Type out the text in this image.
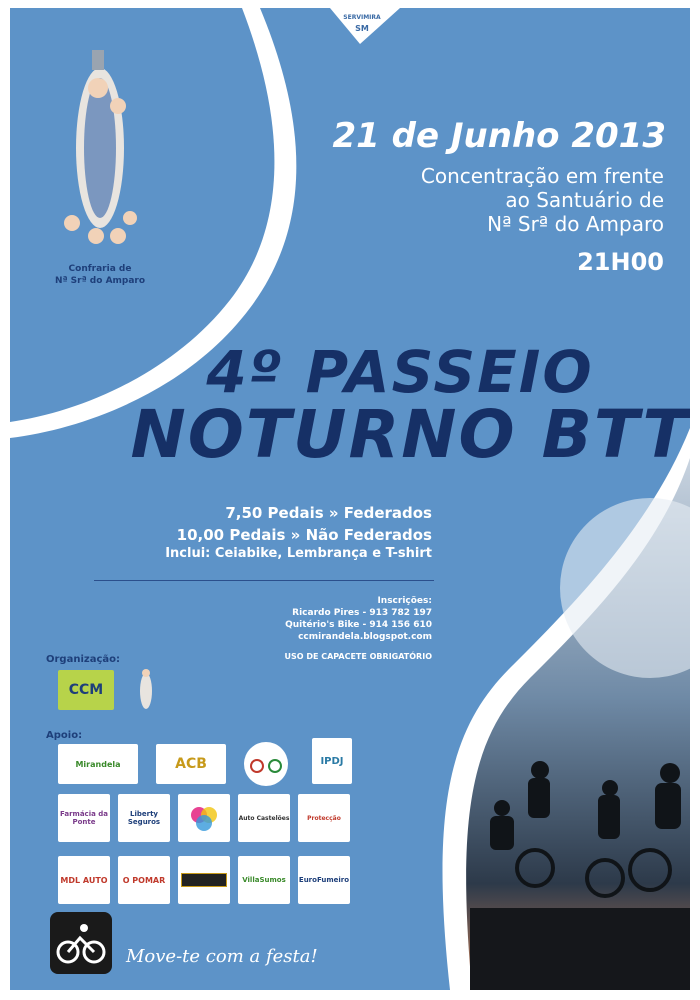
SERVIMIRA
SM
Confraria de
Nª Srª do Amparo
21 de Junho 2013
Concentração em frente
ao Santuário de
Nª Srª do Amparo
21H00
4º PASSEIO
NOTURNO BTT
7,50 Pedais » Federados
10,00 Pedais » Não Federados
Inclui: Ceiabike, Lembrança e T-shirt
Inscrições:
Ricardo Pires - 913 782 197
Quitério's Bike - 914 156 610
ccmirandela.blogspot.com
USO DE CAPACETE OBRIGATÓRIO
Organização:
CCM
Apoio:
Mirandela	ACB	IPDJ
Farmácia da Ponte
Liberty Seguros	Auto Castelões	Protecção
MDL AUTO	O POMAR	VillaSumos	EuroFumeiro
Move-te com a festa!
